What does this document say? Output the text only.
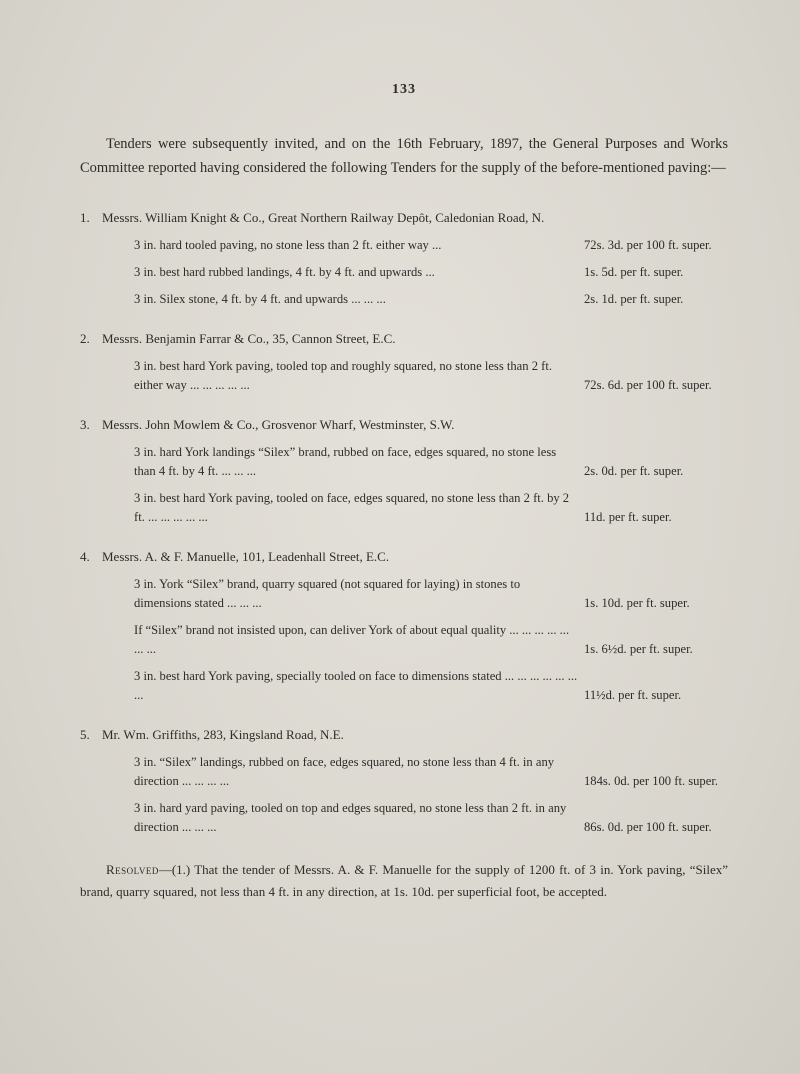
133

Tenders were subsequently invited, and on the 16th February, 1897, the General Purposes and Works Committee reported having considered the following Tenders for the supply of the before-mentioned paving:—

1. Messrs. William Knight & Co., Great Northern Railway Depôt, Caledonian Road, N.
3 in. hard tooled paving, no stone less than 2 ft. either way ...	72s. 3d. per 100 ft. super.
3 in. best hard rubbed landings, 4 ft. by 4 ft. and upwards ...	1s. 5d. per ft. super.
3 in. Silex stone, 4 ft. by 4 ft. and upwards ... ... ...	2s. 1d. per ft. super.
2. Messrs. Benjamin Farrar & Co., 35, Cannon Street, E.C.
3 in. best hard York paving, tooled top and roughly squared, no stone less than 2 ft. either way ... ... ... ... ...	72s. 6d. per 100 ft. super.
3. Messrs. John Mowlem & Co., Grosvenor Wharf, Westminster, S.W.
3 in. hard York landings “Silex” brand, rubbed on face, edges squared, no stone less than 4 ft. by 4 ft. ... ... ...	2s. 0d. per ft. super.
3 in. best hard York paving, tooled on face, edges squared, no stone less than 2 ft. by 2 ft. ... ... ... ... ...	11d. per ft. super.
4. Messrs. A. & F. Manuelle, 101, Leadenhall Street, E.C.
3 in. York “Silex” brand, quarry squared (not squared for laying) in stones to dimensions stated ... ... ...	1s. 10d. per ft. super.
If “Silex” brand not insisted upon, can deliver York of about equal quality ... ... ... ... ... ... ...	1s. 6½d. per ft. super.
3 in. best hard York paving, specially tooled on face to dimensions stated ... ... ... ... ... ... ...	11½d. per ft. super.
5. Mr. Wm. Griffiths, 283, Kingsland Road, N.E.
3 in. “Silex” landings, rubbed on face, edges squared, no stone less than 4 ft. in any direction ... ... ... ...	184s. 0d. per 100 ft. super.
3 in. hard yard paving, tooled on top and edges squared, no stone less than 2 ft. in any direction ... ... ...	86s. 0d. per 100 ft. super.

Resolved—(1.) That the tender of Messrs. A. & F. Manuelle for the supply of 1200 ft. of 3 in. York paving, “Silex” brand, quarry squared, not less than 4 ft. in any direction, at 1s. 10d. per superficial foot, be accepted.
